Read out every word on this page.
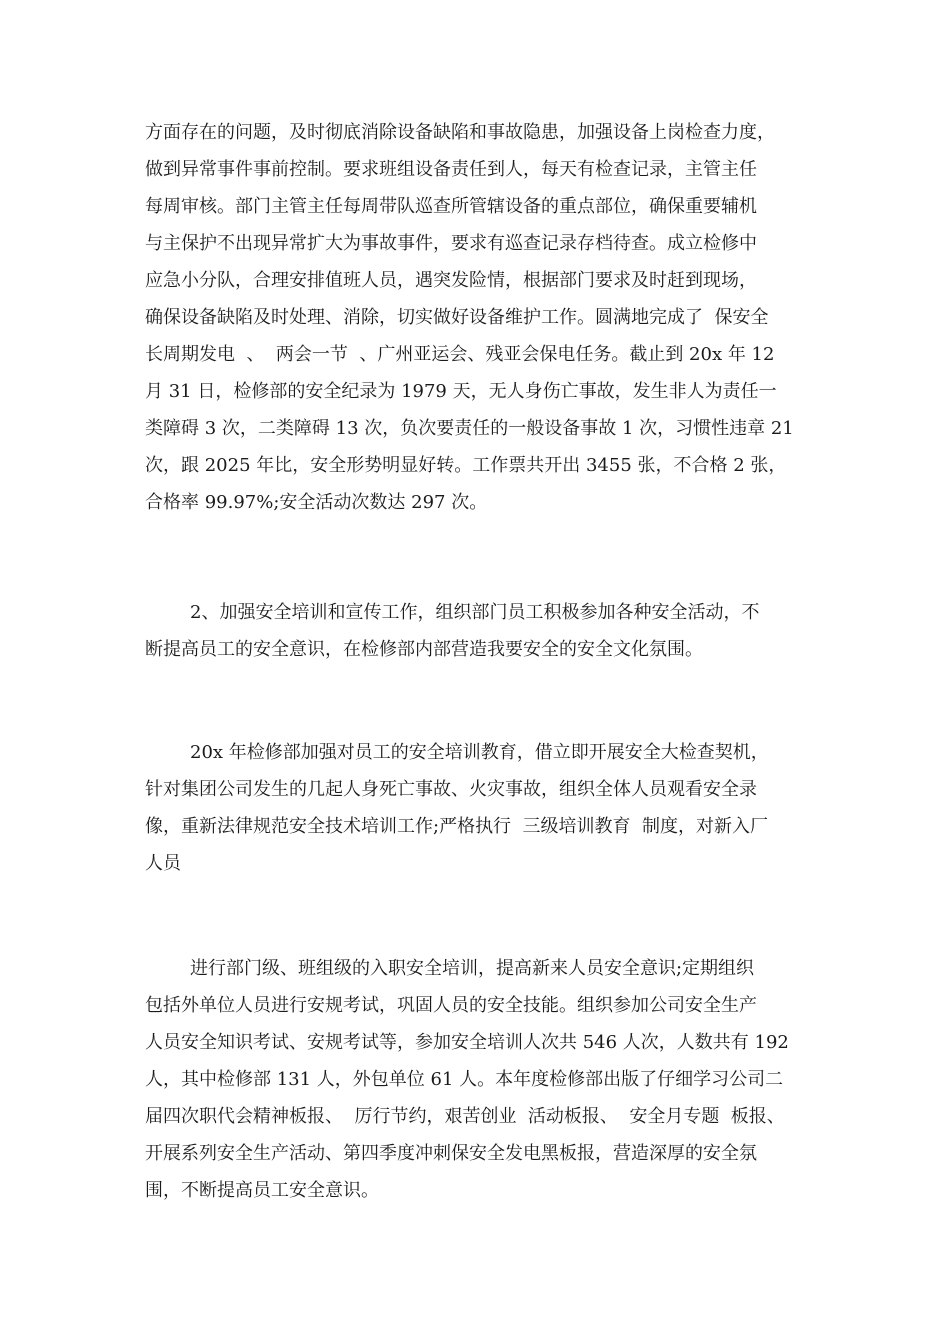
方面存在的问题，及时彻底消除设备缺陷和事故隐患，加强设备上岗检查力度，

做到异常事件事前控制。要求班组设备责任到人，每天有检查记录，主管主任

每周审核。部门主管主任每周带队巡查所管辖设备的重点部位，确保重要辅机

与主保护不出现异常扩大为事故事件，要求有巡查记录存档待查。成立检修中

应急小分队，合理安排值班人员，遇突发险情，根据部门要求及时赶到现场，

确保设备缺陷及时处理、消除，切实做好设备维护工作。圆满地完成了  保安全

长周期发电  、  两会一节  、广州亚运会、残亚会保电任务。截止到 20x 年 12

月 31 日，检修部的安全纪录为 1979 天，无人身伤亡事故，发生非人为责任一

类障碍 3 次，二类障碍 13 次，负次要责任的一般设备事故 1 次，习惯性违章 21

次，跟 2025 年比，安全形势明显好转。工作票共开出 3455 张，不合格 2 张，

合格率 99.97%;安全活动次数达 297 次。

2、加强安全培训和宣传工作，组织部门员工积极参加各种安全活动，不

断提高员工的安全意识，在检修部内部营造我要安全的安全文化氛围。

20x 年检修部加强对员工的安全培训教育，借立即开展安全大检查契机，

针对集团公司发生的几起人身死亡事故、火灾事故，组织全体人员观看安全录

像，重新法律规范安全技术培训工作;严格执行  三级培训教育  制度，对新入厂

人员

进行部门级、班组级的入职安全培训，提高新来人员安全意识;定期组织

包括外单位人员进行安规考试，巩固人员的安全技能。组织参加公司安全生产

人员安全知识考试、安规考试等，参加安全培训人次共 546 人次，人数共有 192

人，其中检修部 131 人，外包单位 61 人。本年度检修部出版了仔细学习公司二

届四次职代会精神板报、  厉行节约，艰苦创业  活动板报、  安全月专题  板报、

开展系列安全生产活动、第四季度冲刺保安全发电黑板报，营造深厚的安全氛

围，不断提高员工安全意识。
